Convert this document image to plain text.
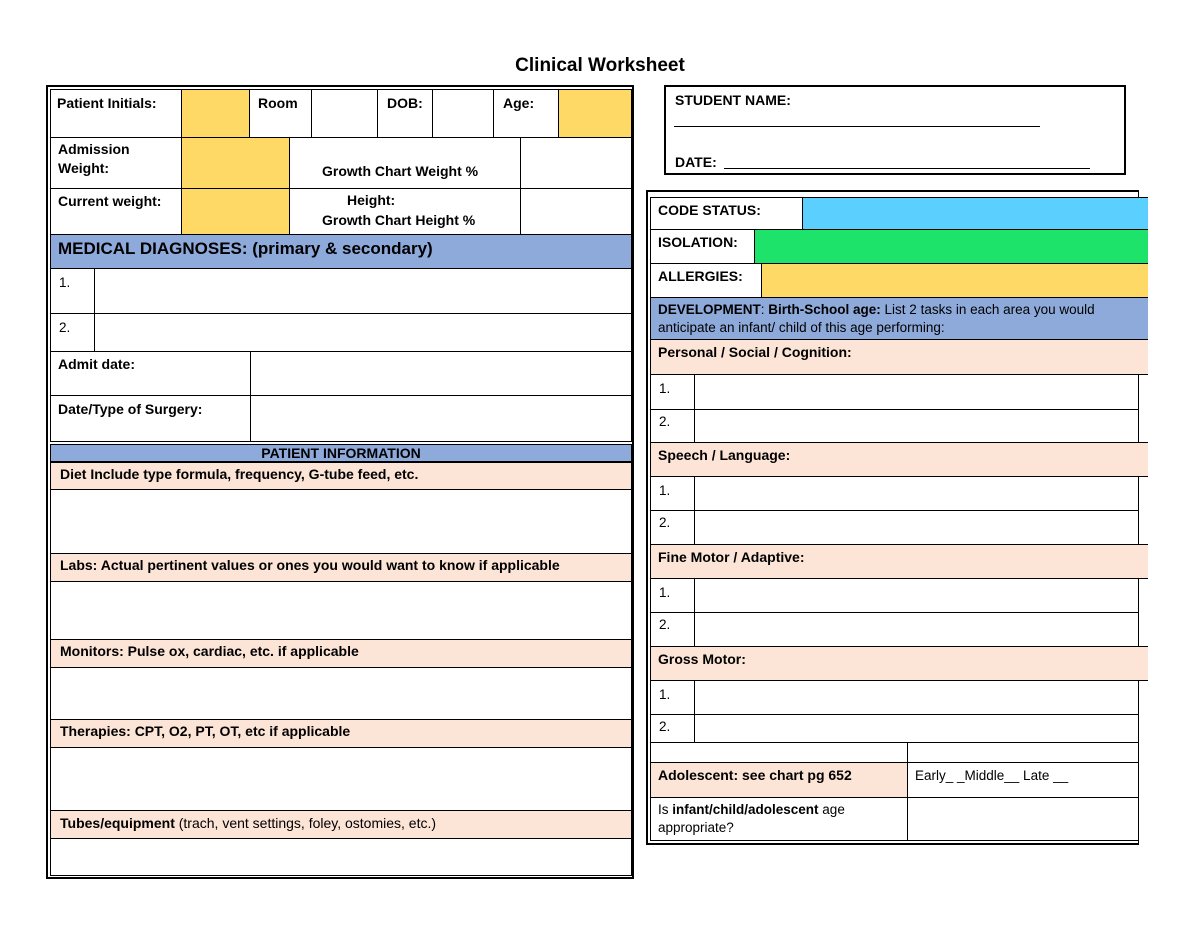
Clinical Worksheet
Patient Initials:	Room	DOB:	Age:
Admission
Weight:	Growth Chart Weight %
Current weight:	Height:
Growth Chart Height %
MEDICAL DIAGNOSES: (primary & secondary)
1.
2.
Admit date:
Date/Type of Surgery:
PATIENT INFORMATION
Diet Include type formula, frequency, G-tube feed, etc.
Labs: Actual pertinent values or ones you would want to know if applicable
Monitors: Pulse ox, cardiac, etc. if applicable
Therapies: CPT, O2, PT, OT, etc if applicable
Tubes/equipment (trach, vent settings, foley, ostomies, etc.)
STUDENT NAME:
DATE:
CODE STATUS:
ISOLATION:
ALLERGIES:
DEVELOPMENT: Birth-School age: List 2 tasks in each area you would anticipate an infant/ child of this age performing:
Personal / Social / Cognition:
1.
2.
Speech / Language:
1.
2.
Fine Motor / Adaptive:
1.
2.
Gross Motor:
1.
2.
Adolescent: see chart pg 652	Early_ _Middle__ Late __
Is infant/child/adolescent age appropriate?
